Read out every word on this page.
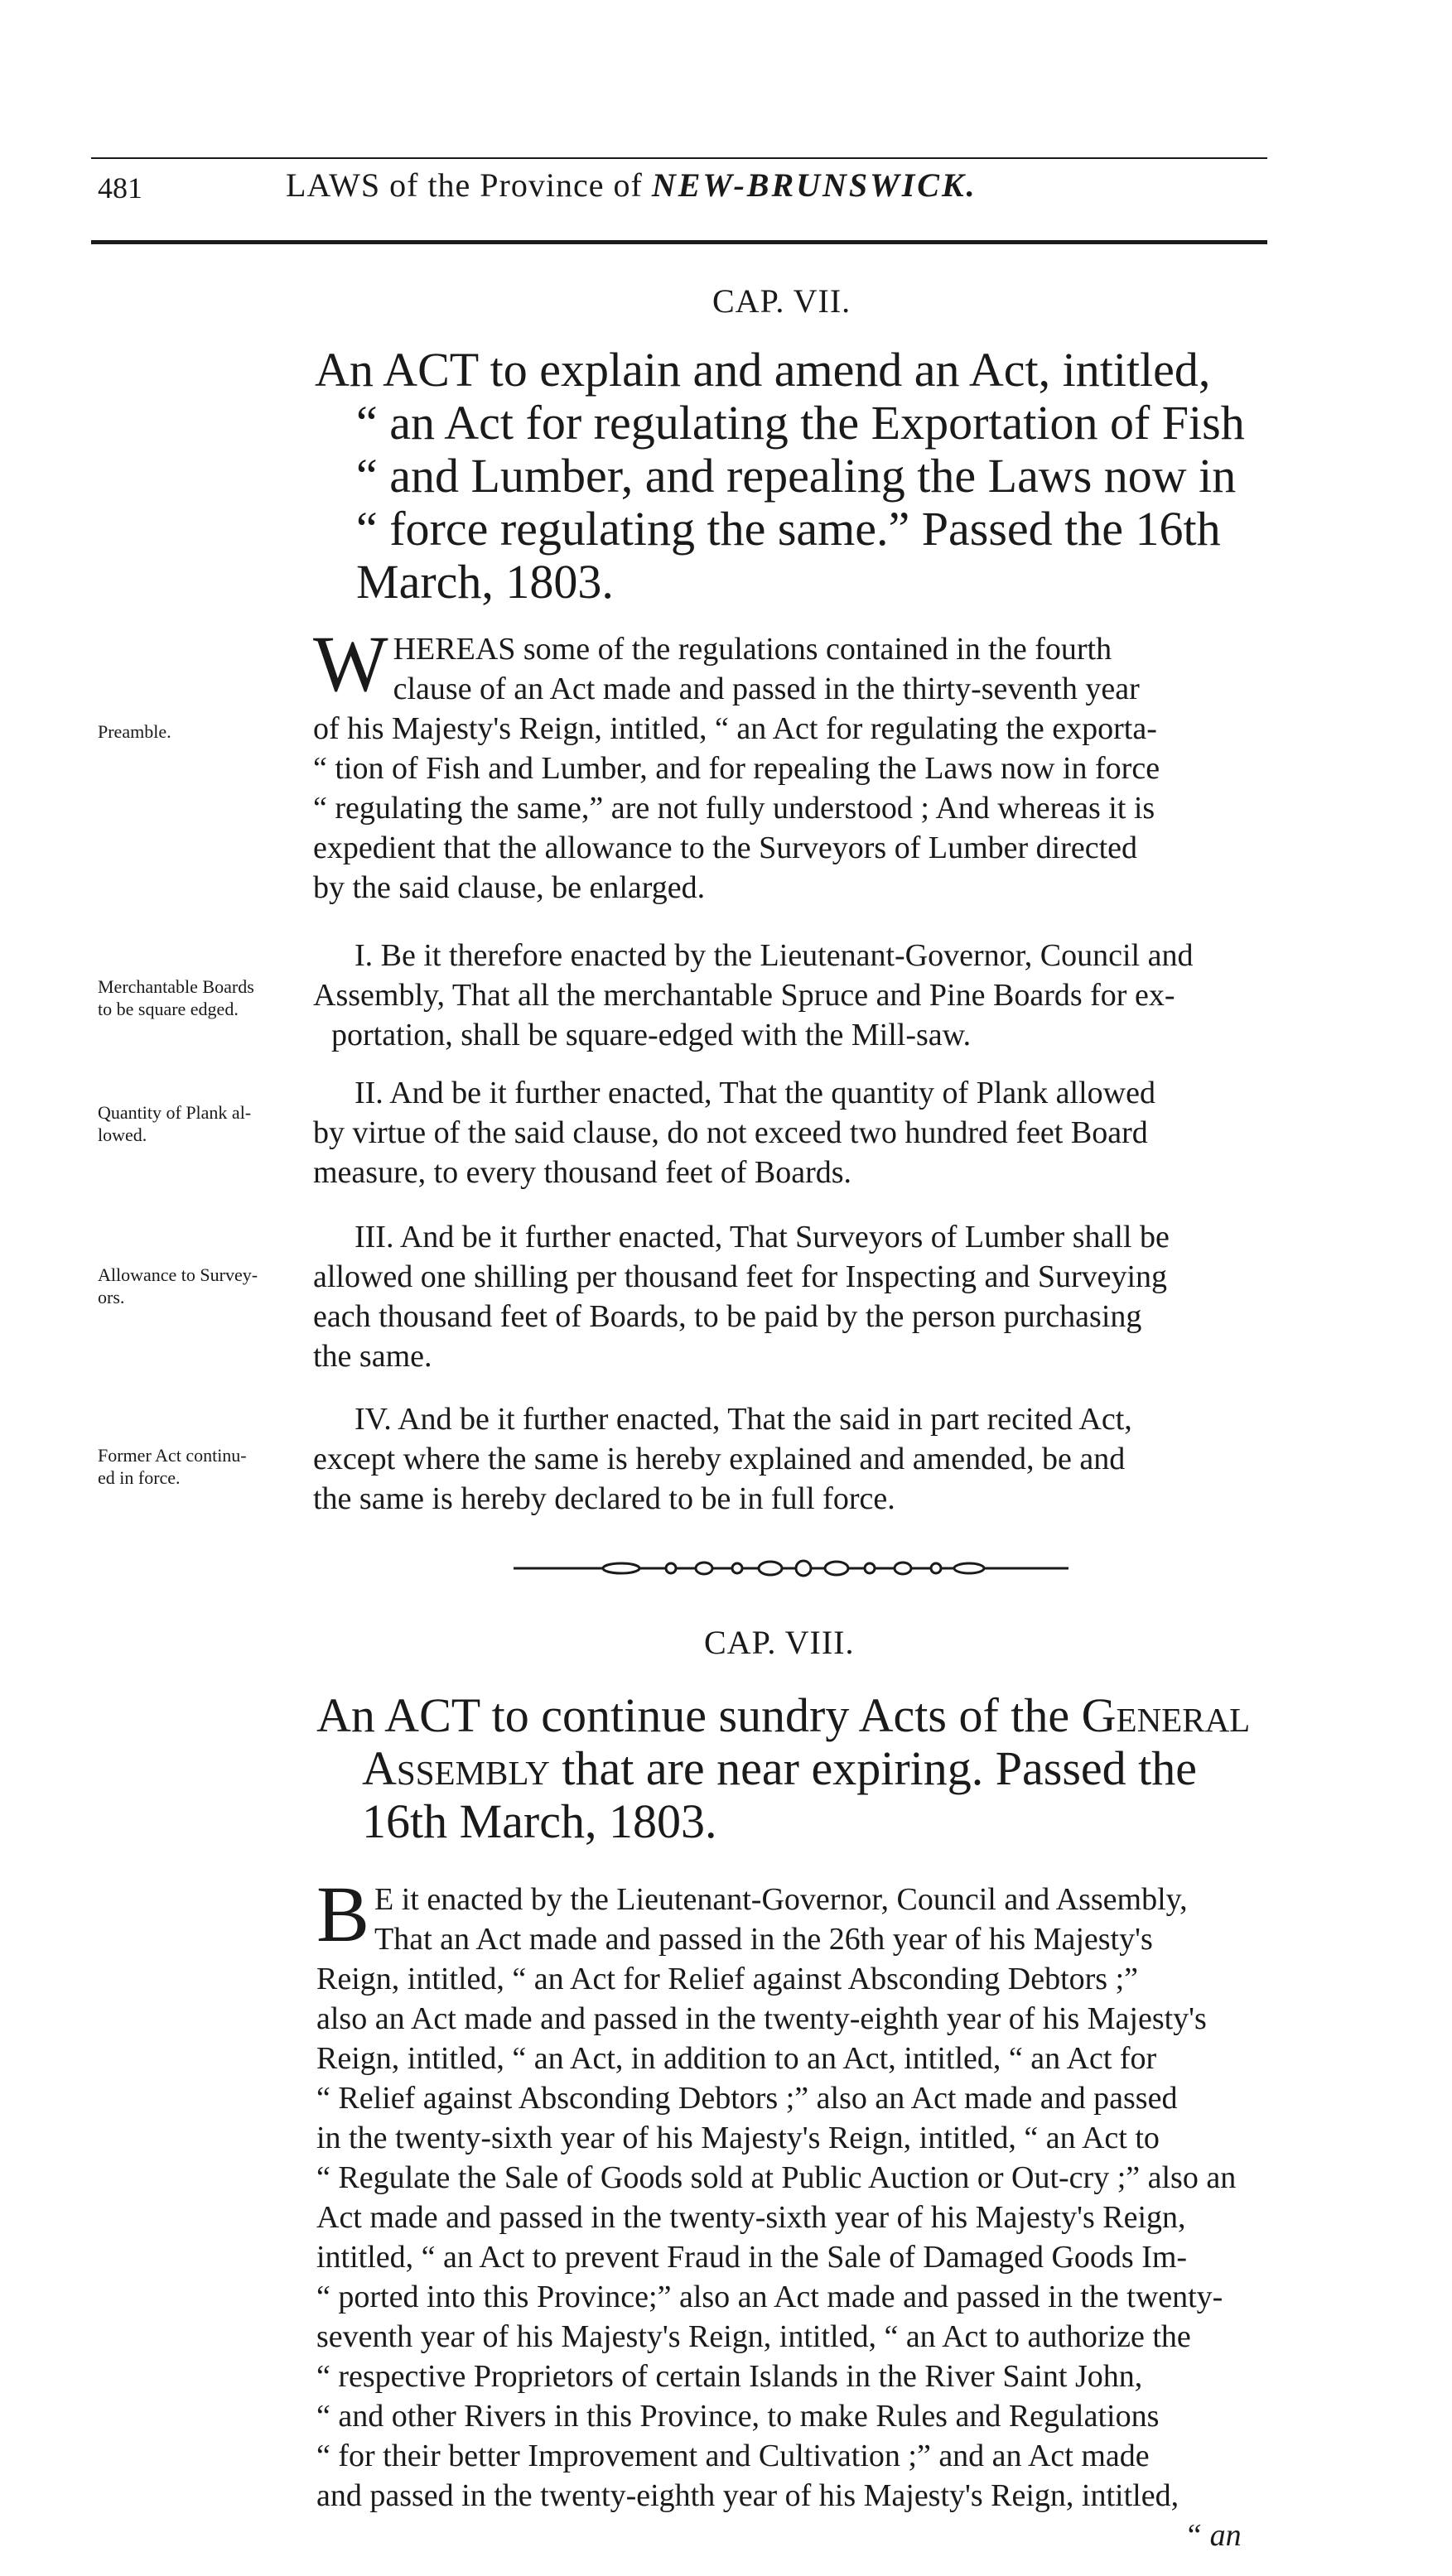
481	LAWS of the Province of NEW-BRUNSWICK.
CAP. VII.
An ACT to explain and amend an Act, intitled,
“ an Act for regulating the Exportation of Fish
“ and Lumber, and repealing the Laws now in
“ force regulating the same.” Passed the 16th
March, 1803.
W HEREAS some of the regulations contained in the fourth
clause of an Act made and passed in the thirty-seventh year
of his Majesty's Reign, intitled, “ an Act for regulating the exporta-
“ tion of Fish and Lumber, and for repealing the Laws now in force
“ regulating the same,” are not fully understood ; And whereas it is
expedient that the allowance to the Surveyors of Lumber directed
by the said clause, be enlarged.
Preamble.
I. Be it therefore enacted by the Lieutenant-Governor, Council and
Assembly, That all the merchantable Spruce and Pine Boards for ex-
portation, shall be square-edged with the Mill-saw.
Merchantable Boards
to be square edged.
II. And be it further enacted, That the quantity of Plank allowed
by virtue of the said clause, do not exceed two hundred feet Board
measure, to every thousand feet of Boards.
Quantity of Plank al-
lowed.
III. And be it further enacted, That Surveyors of Lumber shall be
allowed one shilling per thousand feet for Inspecting and Surveying
each thousand feet of Boards, to be paid by the person purchasing
the same.
Allowance to Survey-
ors.
IV. And be it further enacted, That the said in part recited Act,
except where the same is hereby explained and amended, be and
the same is hereby declared to be in full force.
Former Act continu-
ed in force.
CAP. VIII.
An ACT to continue sundry Acts of the General
Assembly that are near expiring. Passed the
16th March, 1803.
B E it enacted by the Lieutenant-Governor, Council and Assembly,
That an Act made and passed in the 26th year of his Majesty's
Reign, intitled, “ an Act for Relief against Absconding Debtors ;”
also an Act made and passed in the twenty-eighth year of his Majesty's
Reign, intitled, “ an Act, in addition to an Act, intitled, “ an Act for
“ Relief against Absconding Debtors ;” also an Act made and passed
in the twenty-sixth year of his Majesty's Reign, intitled, “ an Act to
“ Regulate the Sale of Goods sold at Public Auction or Out-cry ;” also an
Act made and passed in the twenty-sixth year of his Majesty's Reign,
intitled, “ an Act to prevent Fraud in the Sale of Damaged Goods Im-
“ ported into this Province;” also an Act made and passed in the twenty-
seventh year of his Majesty's Reign, intitled, “ an Act to authorize the
“ respective Proprietors of certain Islands in the River Saint John,
“ and other Rivers in this Province, to make Rules and Regulations
“ for their better Improvement and Cultivation ;” and an Act made
and passed in the twenty-eighth year of his Majesty's Reign, intitled,
“ an
